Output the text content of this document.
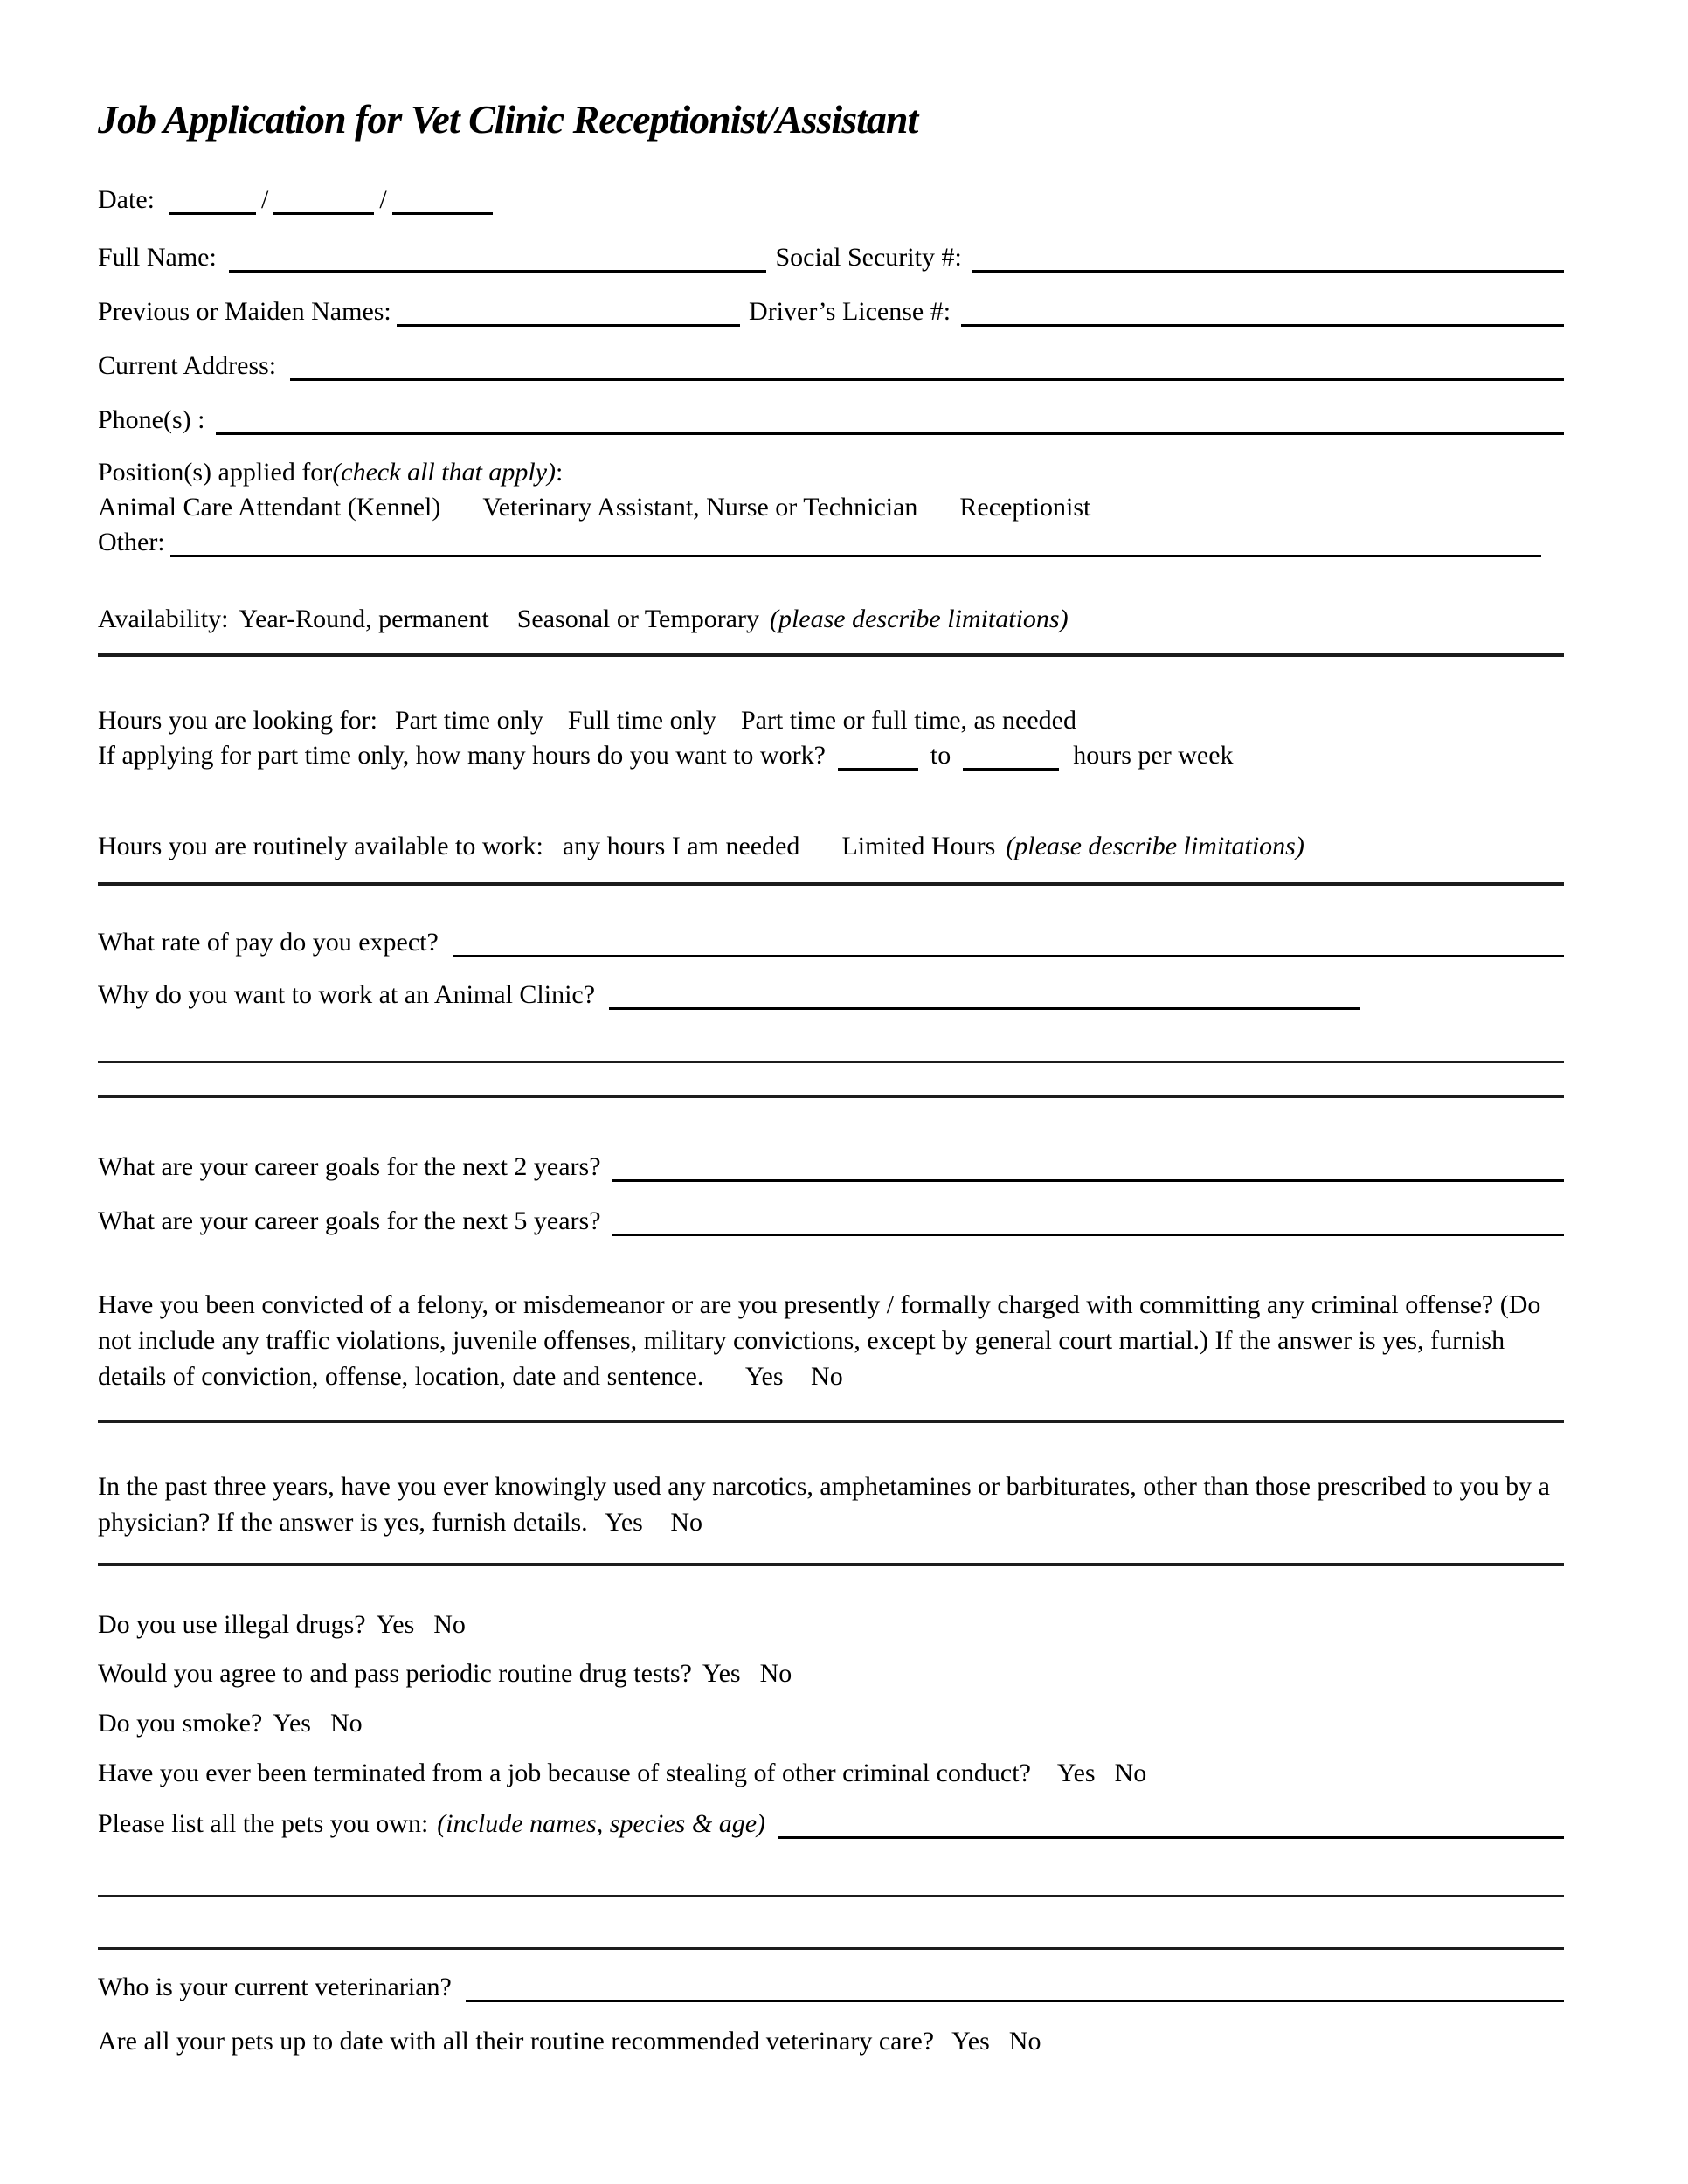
Job Application for Vet Clinic Receptionist/Assistant
Date:	/	/
Full Name:	Social Security #:
Previous or Maiden Names:	Driver’s License #:
Current Address:
Phone(s) :
Position(s) applied for (check all that apply) :
Animal Care Attendant (Kennel) Veterinary Assistant, Nurse or Technician Receptionist
Other:
Availability: Year-Round, permanent Seasonal or Temporary (please describe limitations)
Hours you are looking for: Part time only Full time only Part time or full time, as needed
If applying for part time only, how many hours do you want to work?	to	hours per week
Hours you are routinely available to work: any hours I am needed Limited Hours (please describe limitations)
What rate of pay do you expect?
Why do you want to work at an Animal Clinic?
What are your career goals for the next 2 years?
What are your career goals for the next 5 years?

Have you been convicted of a felony, or misdemeanor or are you presently / formally charged with committing any criminal offense? (Do not include any traffic violations, juvenile offenses, military convictions, except by general court martial.) If the answer is yes, furnish details of conviction, offense, location, date and sentence. Yes No

In the past three years, have you ever knowingly used any narcotics, amphetamines or barbiturates, other than those prescribed to you by a physician? If the answer is yes, furnish details. Yes No

Do you use illegal drugs? Yes No
Would you agree to and pass periodic routine drug tests? Yes No
Do you smoke? Yes No
Have you ever been terminated from a job because of stealing of other criminal conduct? Yes No
Please list all the pets you own: (include names, species & age)
Who is your current veterinarian?
Are all your pets up to date with all their routine recommended veterinary care? Yes No
